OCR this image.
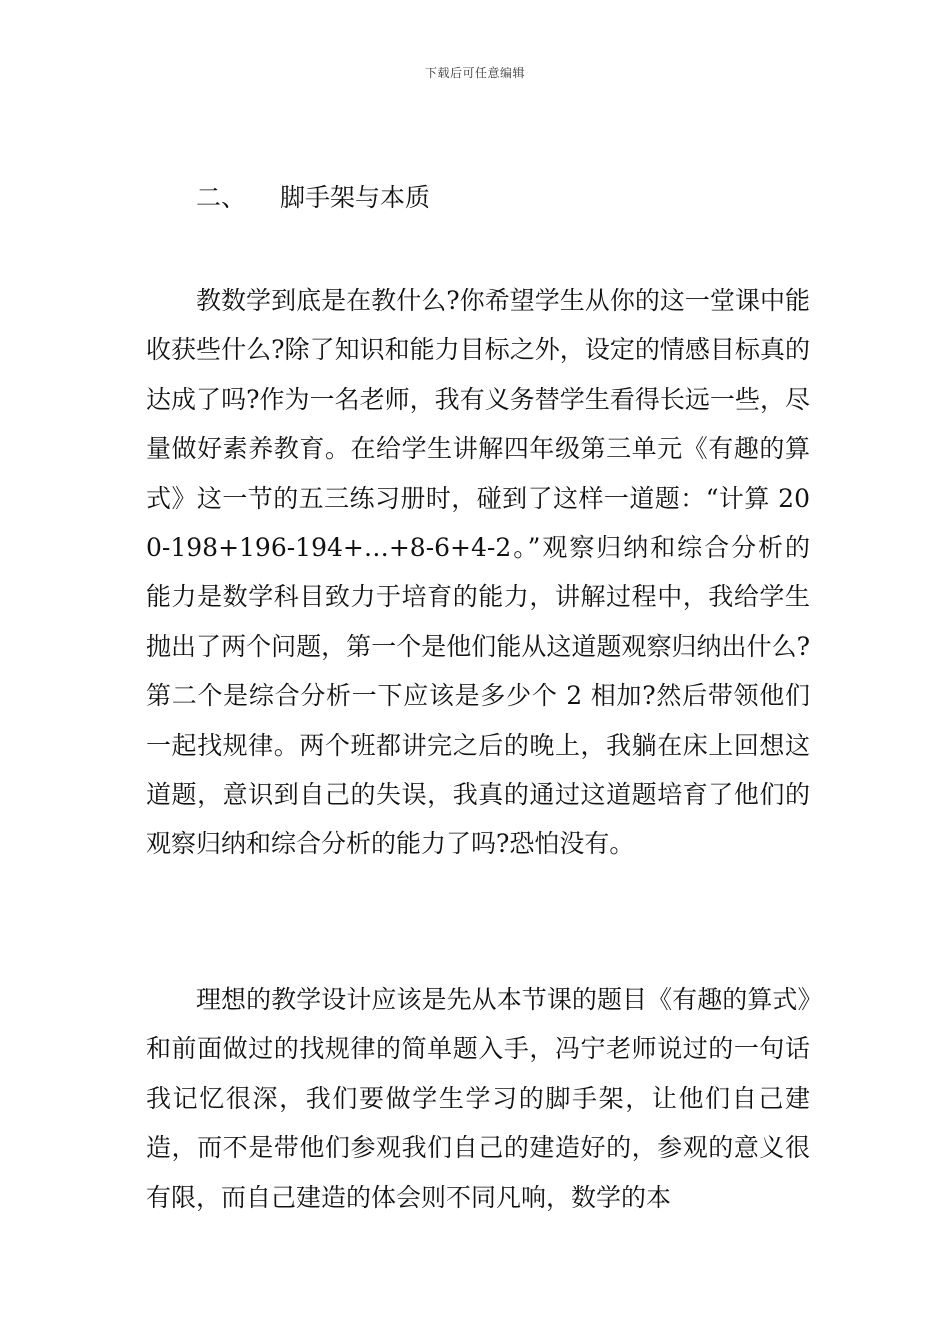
下载后可任意编辑
二、 脚手架与本质

教数学到底是在教什么?你希望学生从你的这一堂课中能收获些什么?除了知识和能力目标之外，设定的情感目标真的达成了吗?作为一名老师，我有义务替学生看得长远一些，尽量做好素养教育。在给学生讲解四年级第三单元《有趣的算式》这一节的五三练习册时，碰到了这样一道题：“计算 200-198+196-194+…+8-6+4-2。”观察归纳和综合分析的能力是数学科目致力于培育的能力，讲解过程中，我给学生抛出了两个问题，第一个是他们能从这道题观察归纳出什么?第二个是综合分析一下应该是多少个 2 相加?然后带领他们一起找规律。两个班都讲完之后的晚上，我躺在床上回想这道题，意识到自己的失误，我真的通过这道题培育了他们的观察归纳和综合分析的能力了吗?恐怕没有。

理想的教学设计应该是先从本节课的题目《有趣的算式》和前面做过的找规律的简单题入手，冯宁老师说过的一句话我记忆很深，我们要做学生学习的脚手架，让他们自己建造，而不是带他们参观我们自己的建造好的，参观的意义很有限，而自己建造的体会则不同凡响，数学的本
